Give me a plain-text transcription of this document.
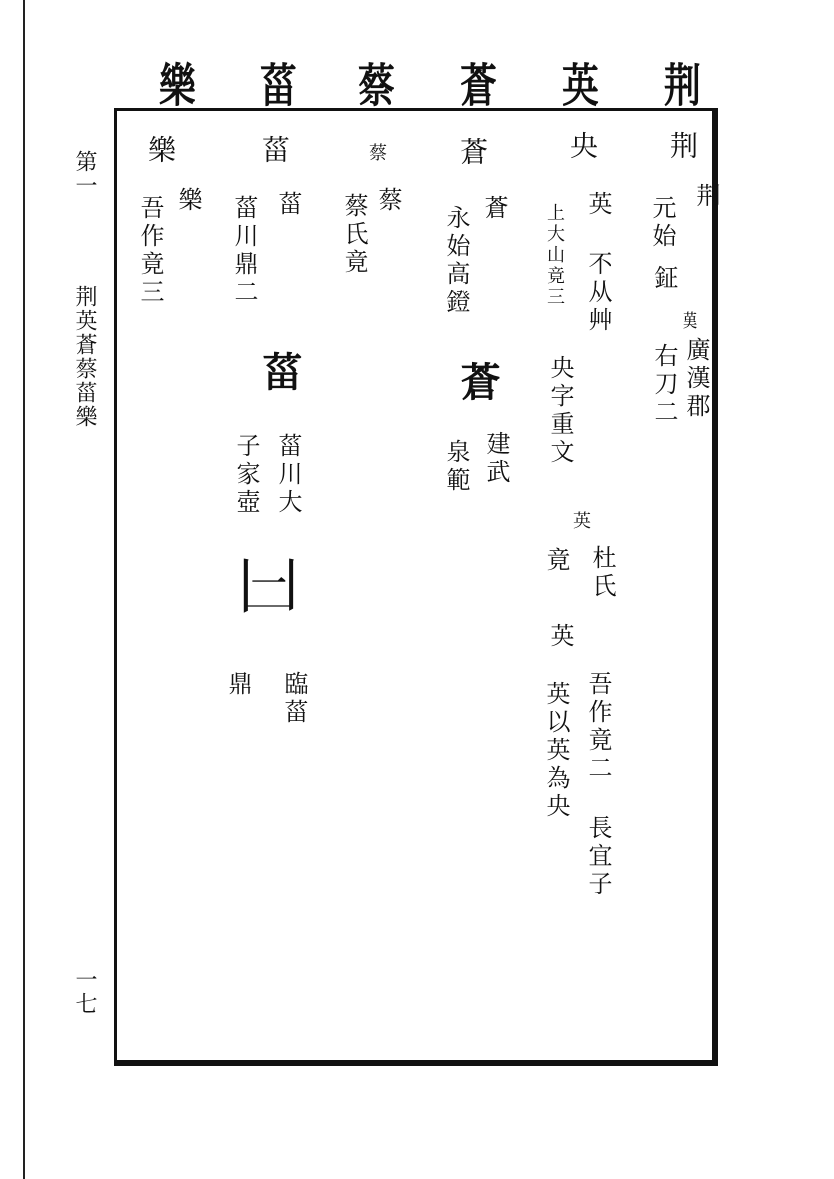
第一
荆英蒼蔡菑樂
一七
荆
英
蒼
蔡
菑
樂
荆
荆
元始
鉦
廣漢郡
𦰩
右刀二
央
英 不从艸
上大山竟三
央字重文
英
杜氏
竟
英
吾作竟二 長宜子
英以英為央
蒼
蒼
永始高鐙
蒼
建武
泉範
蔡
蔡氏竟 蔡
菑
菑
菑川鼎二
菑
菑川大
子家壺
𠙵
臨菑
鼎
樂
樂
吾作竟三
